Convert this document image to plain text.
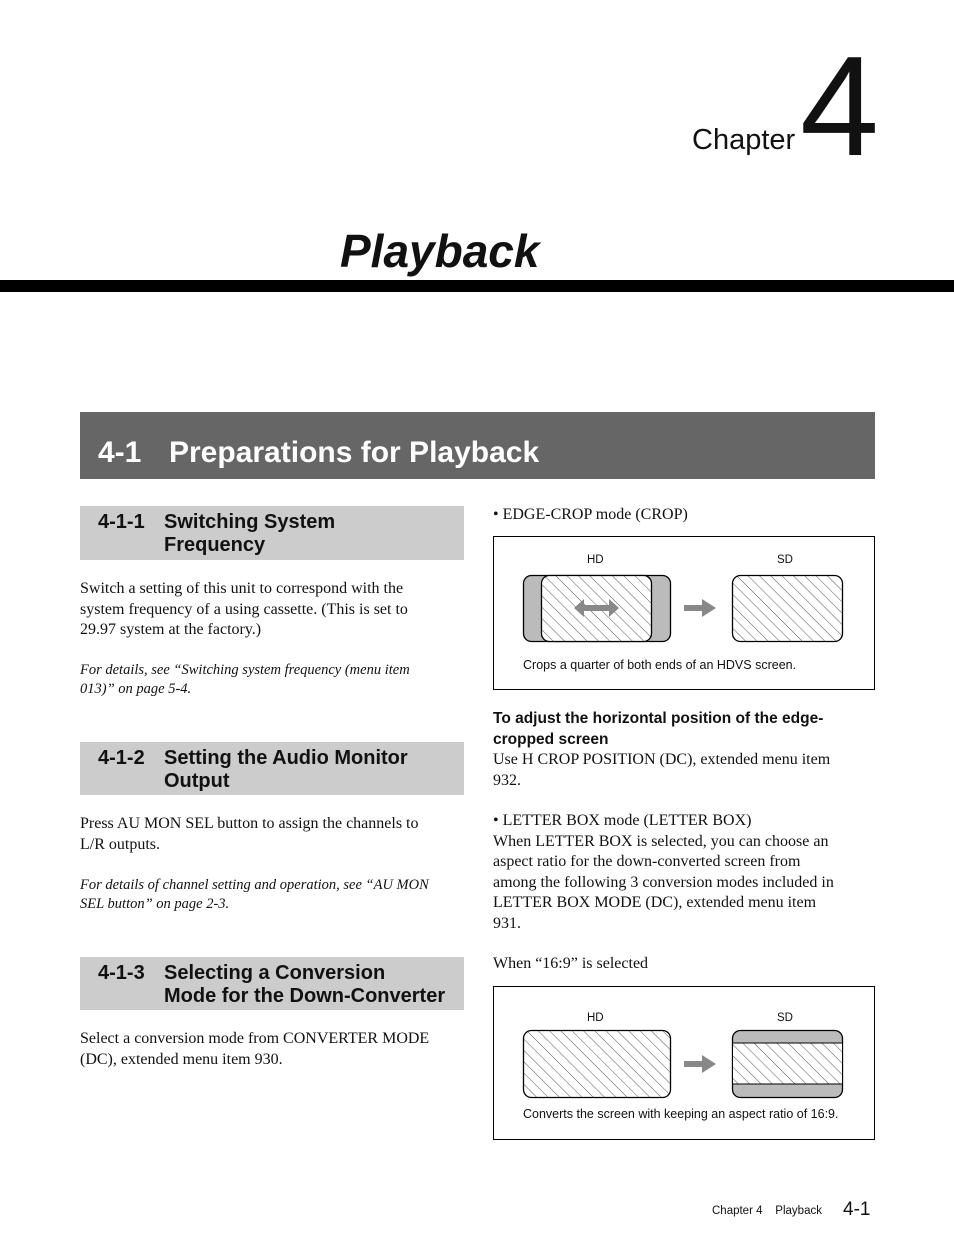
Chapter 4
Playback
4-1 Preparations for Playback
4-1-1 Switching System
Frequency
Switch a setting of this unit to correspond with the
system frequency of a using cassette. (This is set to
29.97 system at the factory.)
For details, see “Switching system frequency (menu item
013)” on page 5-4.
4-1-2 Setting the Audio Monitor
Output
Press AU MON SEL button to assign the channels to
L/R outputs.
For details of channel setting and operation, see “AU MON
SEL button” on page 2-3.
4-1-3 Selecting a Conversion
Mode for the Down-Converter
Select a conversion mode from CONVERTER MODE
(DC), extended menu item 930.
• EDGE-CROP mode (CROP)
HD	SD
Crops a quarter of both ends of an HDVS screen.
To adjust the horizontal position of the edge-
cropped screen
Use H CROP POSITION (DC), extended menu item
932.
• LETTER BOX mode (LETTER BOX)
When LETTER BOX is selected, you can choose an
aspect ratio for the down-converted screen from
among the following 3 conversion modes included in
LETTER BOX MODE (DC), extended menu item
931.
When “16:9” is selected
HD	SD
Converts the screen with keeping an aspect ratio of 16:9.
Chapter 4 Playback 4-1
